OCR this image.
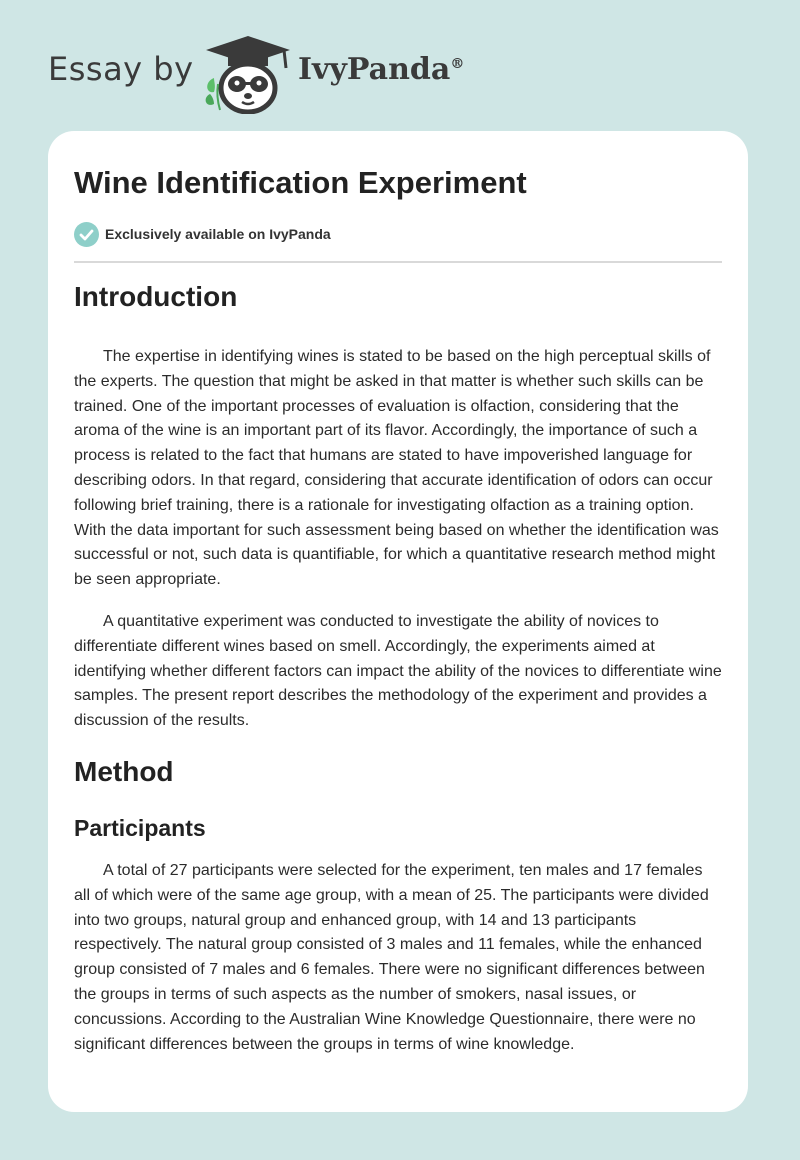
Essay by	IvyPanda®
Wine Identification Experiment
Exclusively available on IvyPanda
Introduction

The expertise in identifying wines is stated to be based on the high perceptual skills of the experts. The question that might be asked in that matter is whether such skills can be trained. One of the important processes of evaluation is olfaction, considering that the aroma of the wine is an important part of its flavor. Accordingly, the importance of such a process is related to the fact that humans are stated to have impoverished language for describing odors. In that regard, considering that accurate identification of odors can occur following brief training, there is a rationale for investigating olfaction as a training option. With the data important for such assessment being based on whether the identification was successful or not, such data is quantifiable, for which a quantitative research method might be seen appropriate.

A quantitative experiment was conducted to investigate the ability of novices to differentiate different wines based on smell. Accordingly, the experiments aimed at identifying whether different factors can impact the ability of the novices to differentiate wine samples. The present report describes the methodology of the experiment and provides a discussion of the results.

Method
Participants

A total of 27 participants were selected for the experiment, ten males and 17 females all of which were of the same age group, with a mean of 25. The participants were divided into two groups, natural group and enhanced group, with 14 and 13 participants respectively. The natural group consisted of 3 males and 11 females, while the enhanced group consisted of 7 males and 6 females. There were no significant differences between the groups in terms of such aspects as the number of smokers, nasal issues, or concussions. According to the Australian Wine Knowledge Questionnaire, there were no significant differences between the groups in terms of wine knowledge.
